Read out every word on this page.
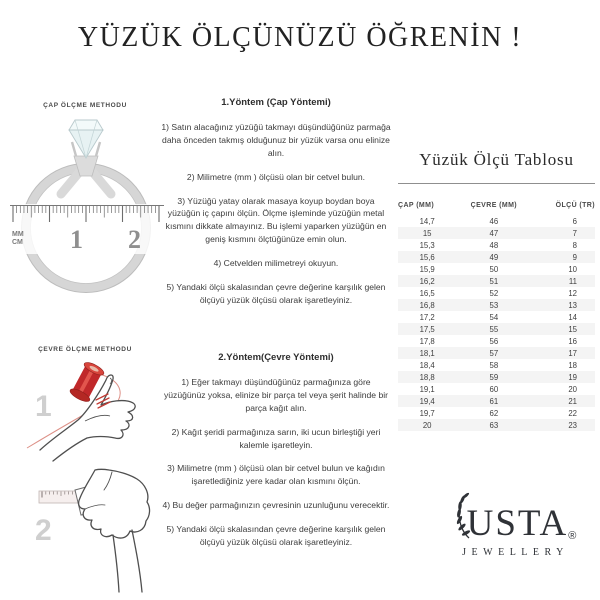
YÜZÜK ÖLÇÜNÜZÜ ÖĞRENİN !
ÇAP ÖLÇME METHODU
MM
CM 1 2
ÇEVRE ÖLÇME METHODU
1
2
1.Yöntem (Çap Yöntemi)

1) Satın alacağınız yüzüğü takmayı düşündüğünüz parmağa daha önceden takmış olduğunuz bir yüzük varsa onu elinize alın.

2) Milimetre (mm ) ölçüsü olan bir cetvel bulun.

3) Yüzüğü yatay olarak masaya koyup boydan boya yüzüğün iç çapını ölçün. Ölçme işleminde yüzüğün metal kısmını dikkate almayınız. Bu işlemi yaparken yüzüğün en geniş kısmını ölçtüğünüze emin olun.

4) Cetvelden milimetreyi okuyun.

5) Yandaki ölçü skalasından çevre değerine karşılık gelen ölçüyü yüzük ölçüsü olarak işaretleyiniz.

2.Yöntem(Çevre Yöntemi)

1) Eğer takmayı düşündüğünüz parmağınıza göre yüzüğünüz yoksa, elinize bir parça tel veya şerit halinde bir parça kağıt alın.

2) Kağıt şeridi parmağınıza sarın, iki ucun birleştiği yeri kalemle işaretleyin.

3) Milimetre (mm ) ölçüsü olan bir cetvel bulun ve kağıdın işaretlediğiniz yere kadar olan kısmını ölçün.

4) Bu değer parmağınızın çevresinin uzunluğunu verecektir.

5) Yandaki ölçü skalasından çevre değerine karşılık gelen ölçüyü yüzük ölçüsü olarak işaretleyiniz.

Yüzük Ölçü Tablosu
ÇAP (MM)	ÇEVRE (MM)	ÖLÇÜ (TR)
14,7	46	6
15	47	7
15,3	48	8
15,6	49	9
15,9	50	10
16,2	51	11
16,5	52	12
16,8	53	13
17,2	54	14
17,5	55	15
17,8	56	16
18,1	57	17
18,4	58	18
18,8	59	19
19,1	60	20
19,4	61	21
19,7	62	22
20	63	23
USTA ®
JEWELLERY
